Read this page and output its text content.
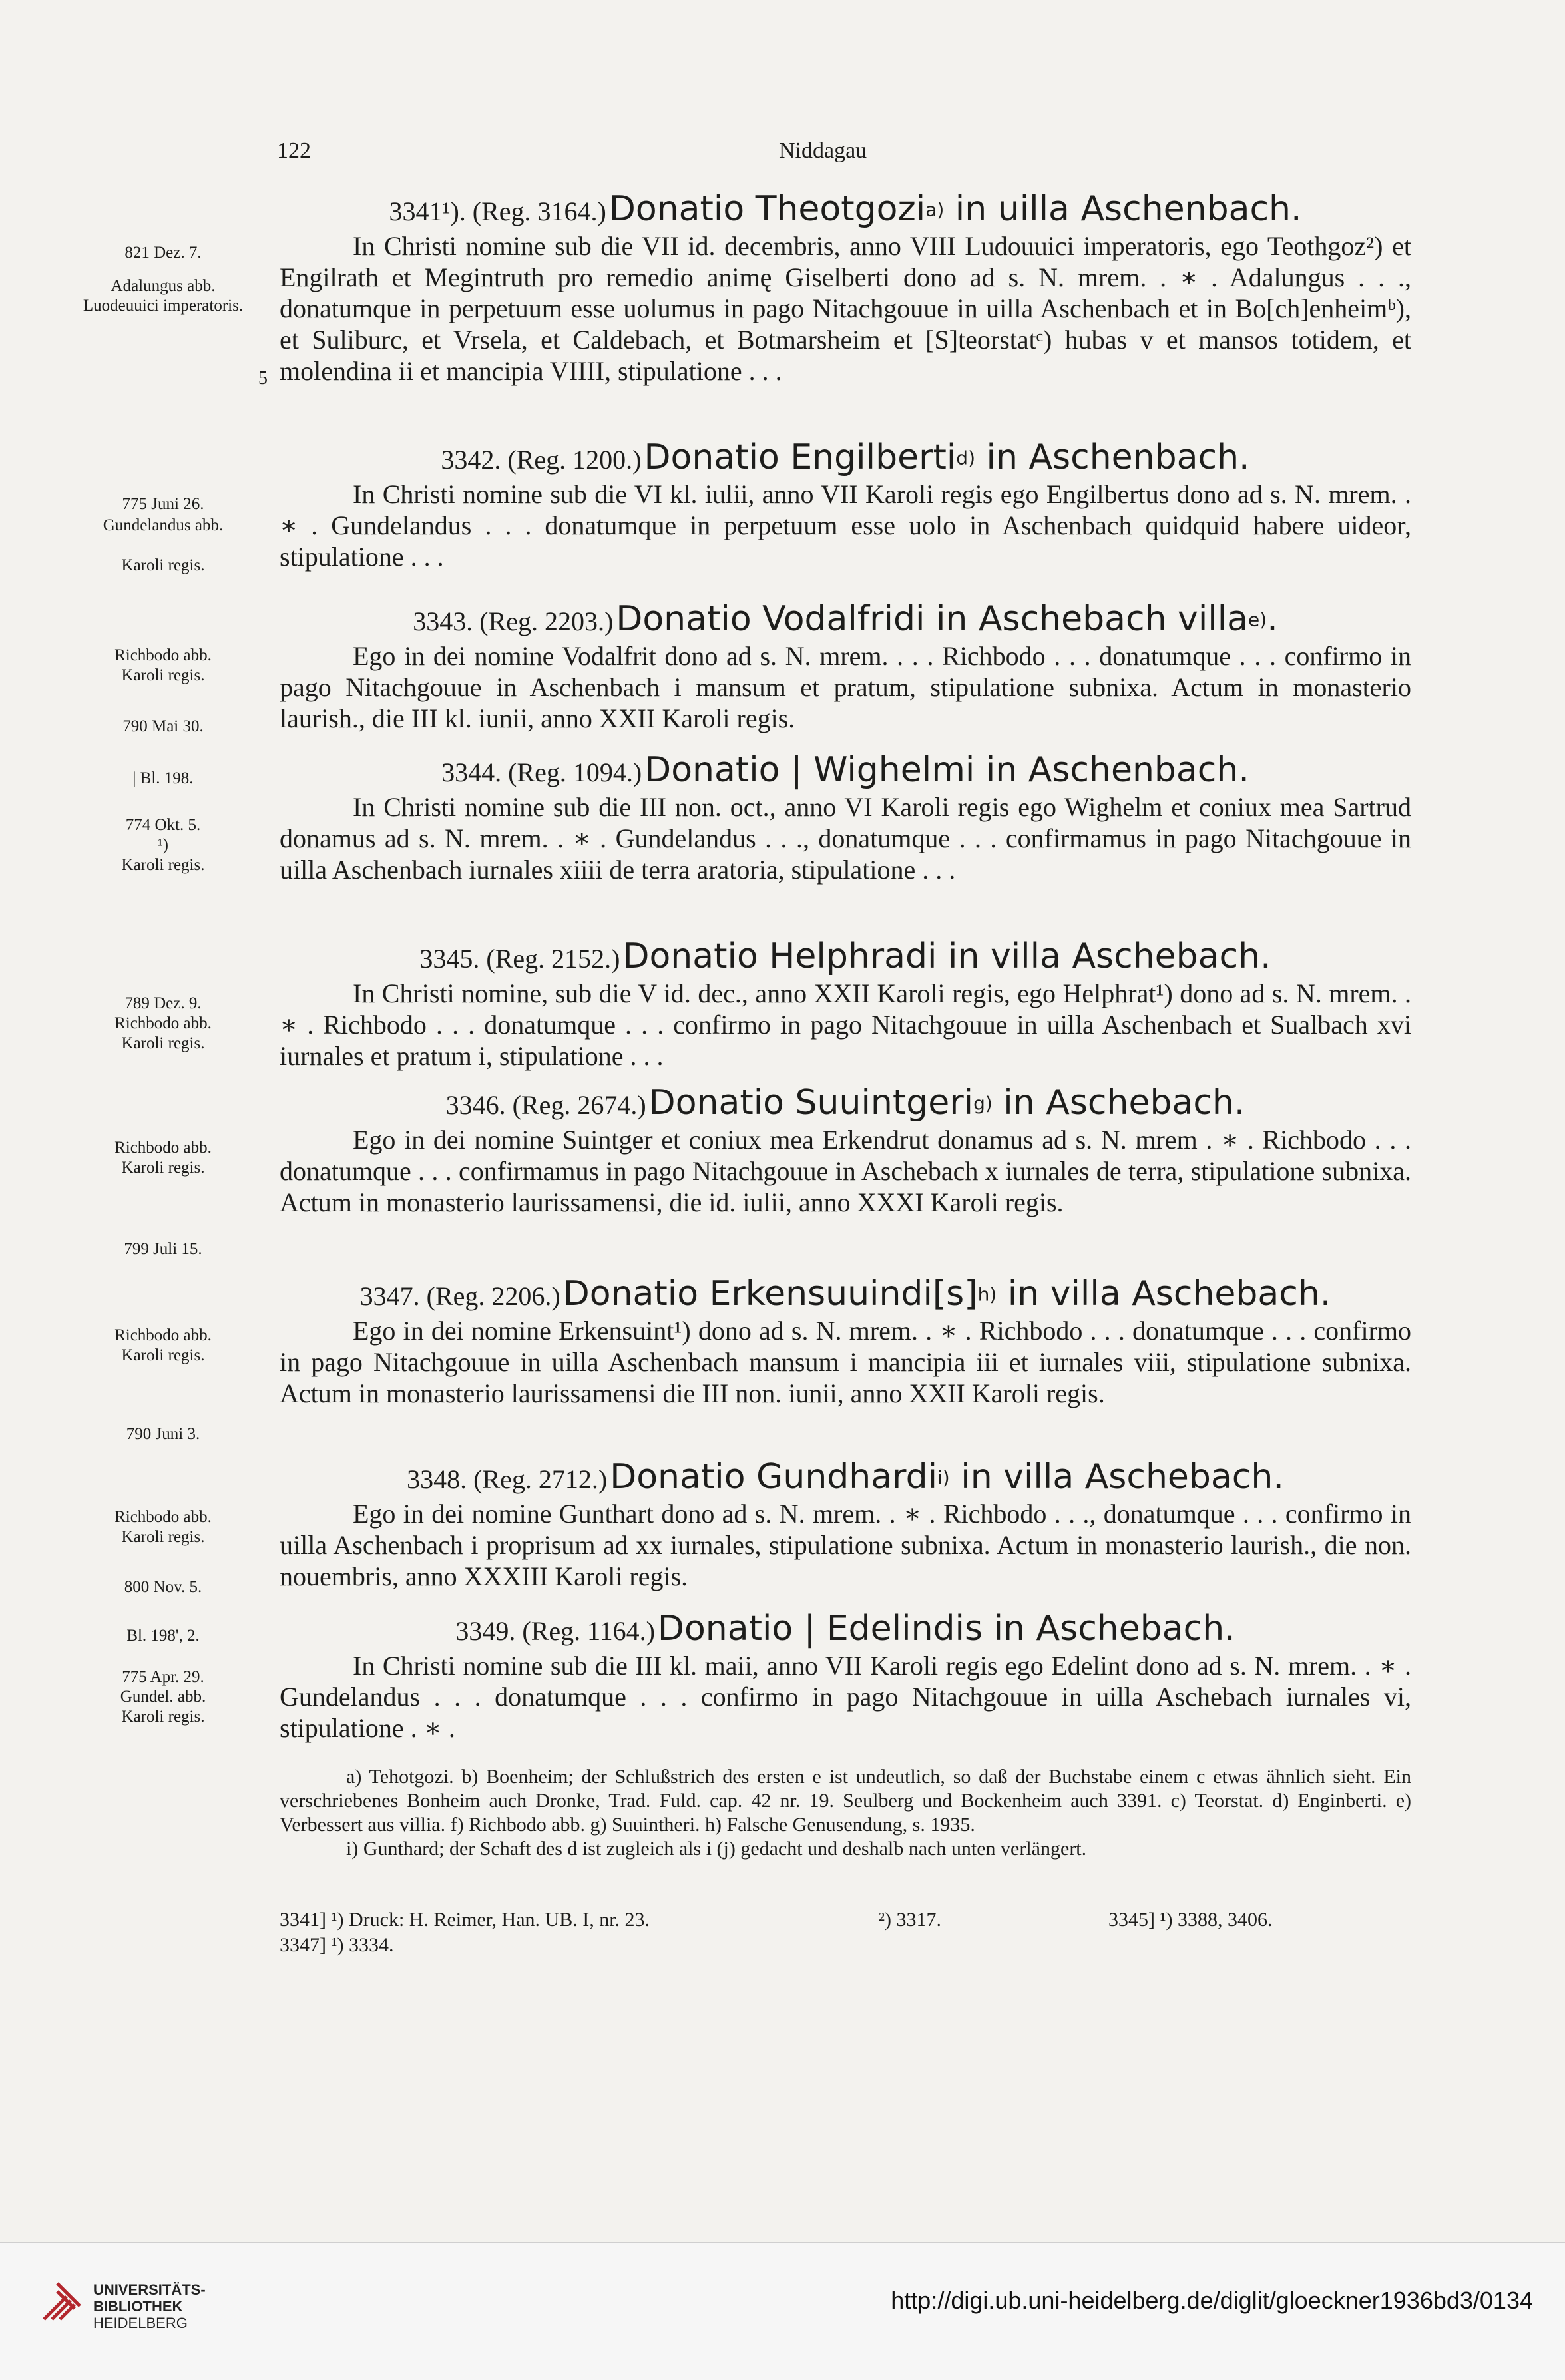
122	Niddagau
821 Dez. 7.
Adalungus abb.
Luodeuuici imperatoris.
5
775 Juni 26.
Gundelandus abb.
Karoli regis.
Richbodo abb.
Karoli regis.
790 Mai 30.
| Bl. 198.
774 Okt. 5.
¹)
Karoli regis.
789 Dez. 9.
Richbodo abb.
Karoli regis.
Richbodo abb.
Karoli regis.
799 Juli 15.
Richbodo abb.
Karoli regis.
790 Juni 3.
Richbodo abb.
Karoli regis.
800 Nov. 5.
Bl. 198', 2.
775 Apr. 29.
Gundel. abb.
Karoli regis.
3341¹). (Reg. 3164.) Donatio Theotgozi$^{a)}$ in uilla Aschenbach.
In Christi nomine sub die VII id. decembris, anno VIII Ludouuici imperatoris, ego Teothgoz²) et Engilrath et Megintruth pro remedio animę Giselberti dono ad s. N. mrem. . ∗ . Adalungus . . ., donatumque in perpetuum esse uolumus in pago Nitachgouue in uilla Aschenbach et in Bo[ch]enheimᵇ), et Suliburc, et Vrsela, et Caldebach, et Botmarsheim et [S]teorstatᶜ) hubas v et mansos totidem, et molendina ii et mancipia VIIII, stipulatione . . .
3342. (Reg. 1200.) Donatio Engilberti$^{d)}$ in Aschenbach.
In Christi nomine sub die VI kl. iulii, anno VII Karoli regis ego Engilbertus dono ad s. N. mrem. . ∗ . Gundelandus . . . donatumque in perpetuum esse uolo in Aschenbach quidquid habere uideor, stipulatione . . .
3343. (Reg. 2203.) Donatio Vodalfridi in Aschebach villa$^{e)}$.
Ego in dei nomine Vodalfrit dono ad s. N. mrem. . . . Richbodo . . . donatumque . . . confirmo in pago Nitachgouue in Aschenbach i mansum et pratum, stipulatione subnixa. Actum in monasterio laurish., die III kl. iunii, anno XXII Karoli regis.
3344. (Reg. 1094.) Donatio | Wighelmi in Aschenbach.
In Christi nomine sub die III non. oct., anno VI Karoli regis ego Wighelm et coniux mea Sartrud donamus ad s. N. mrem. . ∗ . Gundelandus . . ., donatumque . . . confirmamus in pago Nitachgouue in uilla Aschenbach iurnales xiiii de terra aratoria, stipulatione . . .
3345. (Reg. 2152.) Donatio Helphradi in villa Aschebach.
In Christi nomine, sub die V id. dec., anno XXII Karoli regis, ego Helphrat¹) dono ad s. N. mrem. . ∗ . Richbodo . . . donatumque . . . confirmo in pago Nitachgouue in uilla Aschenbach et Sualbach xvi iurnales et pratum i, stipulatione . . .
3346. (Reg. 2674.) Donatio Suuintgeri$^{g)}$ in Aschebach.
Ego in dei nomine Suintger et coniux mea Erkendrut donamus ad s. N. mrem . ∗ . Richbodo . . . donatumque . . . confirmamus in pago Nitachgouue in Aschebach x iurnales de terra, stipulatione subnixa. Actum in monasterio laurissamensi, die id. iulii, anno XXXI Karoli regis.
3347. (Reg. 2206.) Donatio $Erkensuuindi[s]^{h)}$ in villa Aschebach.
Ego in dei nomine Erkensuint¹) dono ad s. N. mrem. . ∗ . Richbodo . . . donatumque . . . confirmo in pago Nitachgouue in uilla Aschenbach mansum i mancipia iii et iurnales viii, stipulatione subnixa. Actum in monasterio laurissamensi die III non. iunii, anno XXII Karoli regis.
3348. (Reg. 2712.) Donatio Gundhardi$^{i)}$ in villa Aschebach.
Ego in dei nomine Gunthart dono ad s. N. mrem. . ∗ . Richbodo . . ., donatumque . . . confirmo in uilla Aschenbach i proprisum ad xx iurnales, stipulatione subnixa. Actum in monasterio laurish., die non. nouembris, anno XXXIII Karoli regis.
3349. (Reg. 1164.) Donatio | Edelindis in Aschebach.
In Christi nomine sub die III kl. maii, anno VII Karoli regis ego Edelint dono ad s. N. mrem. . ∗ . Gundelandus . . . donatumque . . . confirmo in pago Nitachgouue in uilla Aschebach iurnales vi, stipulatione . ∗ .
a) Tehotgozi. b) Boenheim; der Schlußstrich des ersten e ist undeutlich, so daß der Buchstabe einem c etwas ähnlich sieht. Ein verschriebenes Bonheim auch Dronke, Trad. Fuld. cap. 42 nr. 19. Seulberg und Bockenheim auch 3391. c) Teorstat. d) Enginberti. e) Verbessert aus villia. f) Richbodo abb. g) Suuintheri. h) Falsche Genusendung, s. 1935.
i) Gunthard; der Schaft des d ist zugleich als i (j) gedacht und deshalb nach unten verlängert.
3341] ¹) Druck: H. Reimer, Han. UB. I, nr. 23.	²) 3317.	3345] ¹) 3388, 3406.
3347] ¹) 3334.
UNIVERSITÄTS-
BIBLIOTHEK
HEIDELBERG
http://digi.ub.uni-heidelberg.de/diglit/gloeckner1936bd3/0134
